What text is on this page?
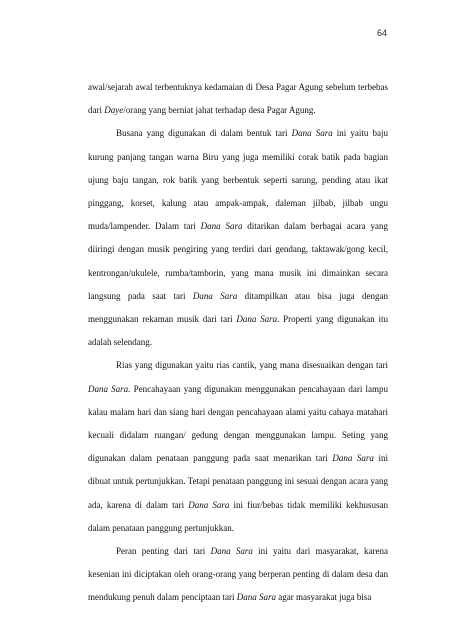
64

awal/sejarah awal terbentuknya kedamaian di Desa Pagar Agung sebelum terbebas dari Daye/orang yang berniat jahat terhadap desa Pagar Agung.

Busana yang digunakan di dalam bentuk tari Dana Sara ini yaitu baju kurung panjang tangan warna Biru yang juga memiliki corak batik pada bagian ujung baju tangan, rok batik yang berbentuk seperti sarung, pending atau ikat pinggang, korset, kalung atau ampak-ampak, daleman jilbab, jilbab ungu muda/lampender. Dalam tari Dana Sara ditarikan dalam berbagai acara yang diiringi dengan musik pengiring yang terdiri dari gendang, taktawak/gong kecil, kentrongan/ukulele, rumba/tamborin, yang mana musik ini dimainkan secara langsung pada saat tari Dana Sara ditampilkan atau bisa juga dengan menggunakan rekaman musik dari tari Dana Sara. Properti yang digunakan itu adalah selendang.

Rias yang digunakan yaitu rias cantik, yang mana disesuaikan dengan tari Dana Sara. Pencahayaan yang digunakan menggunakan pencahayaan dari lampu kalau malam hari dan siang hari dengan pencahayaan alami yaitu cahaya matahari kecuali didalam ruangan/ gedung dengan menggunakan lampu. Seting yang digunakan dalam penataan panggung pada saat menarikan tari Dana Sara ini dibuat untuk pertunjukkan. Tetapi penataan panggung ini sesuai dengan acara yang ada, karena di dalam tari Dana Sara ini fiur/bebas tidak memiliki kekhususan dalam penataan panggung pertunjukkan.

Peran penting dari tari Dana Sara ini yaitu dari masyarakat, karena kesenian ini diciptakan oleh orang-orang yang berperan penting di dalam desa dan mendukung penuh dalam penciptaan tari Dana Sara agar masyarakat juga bisa
